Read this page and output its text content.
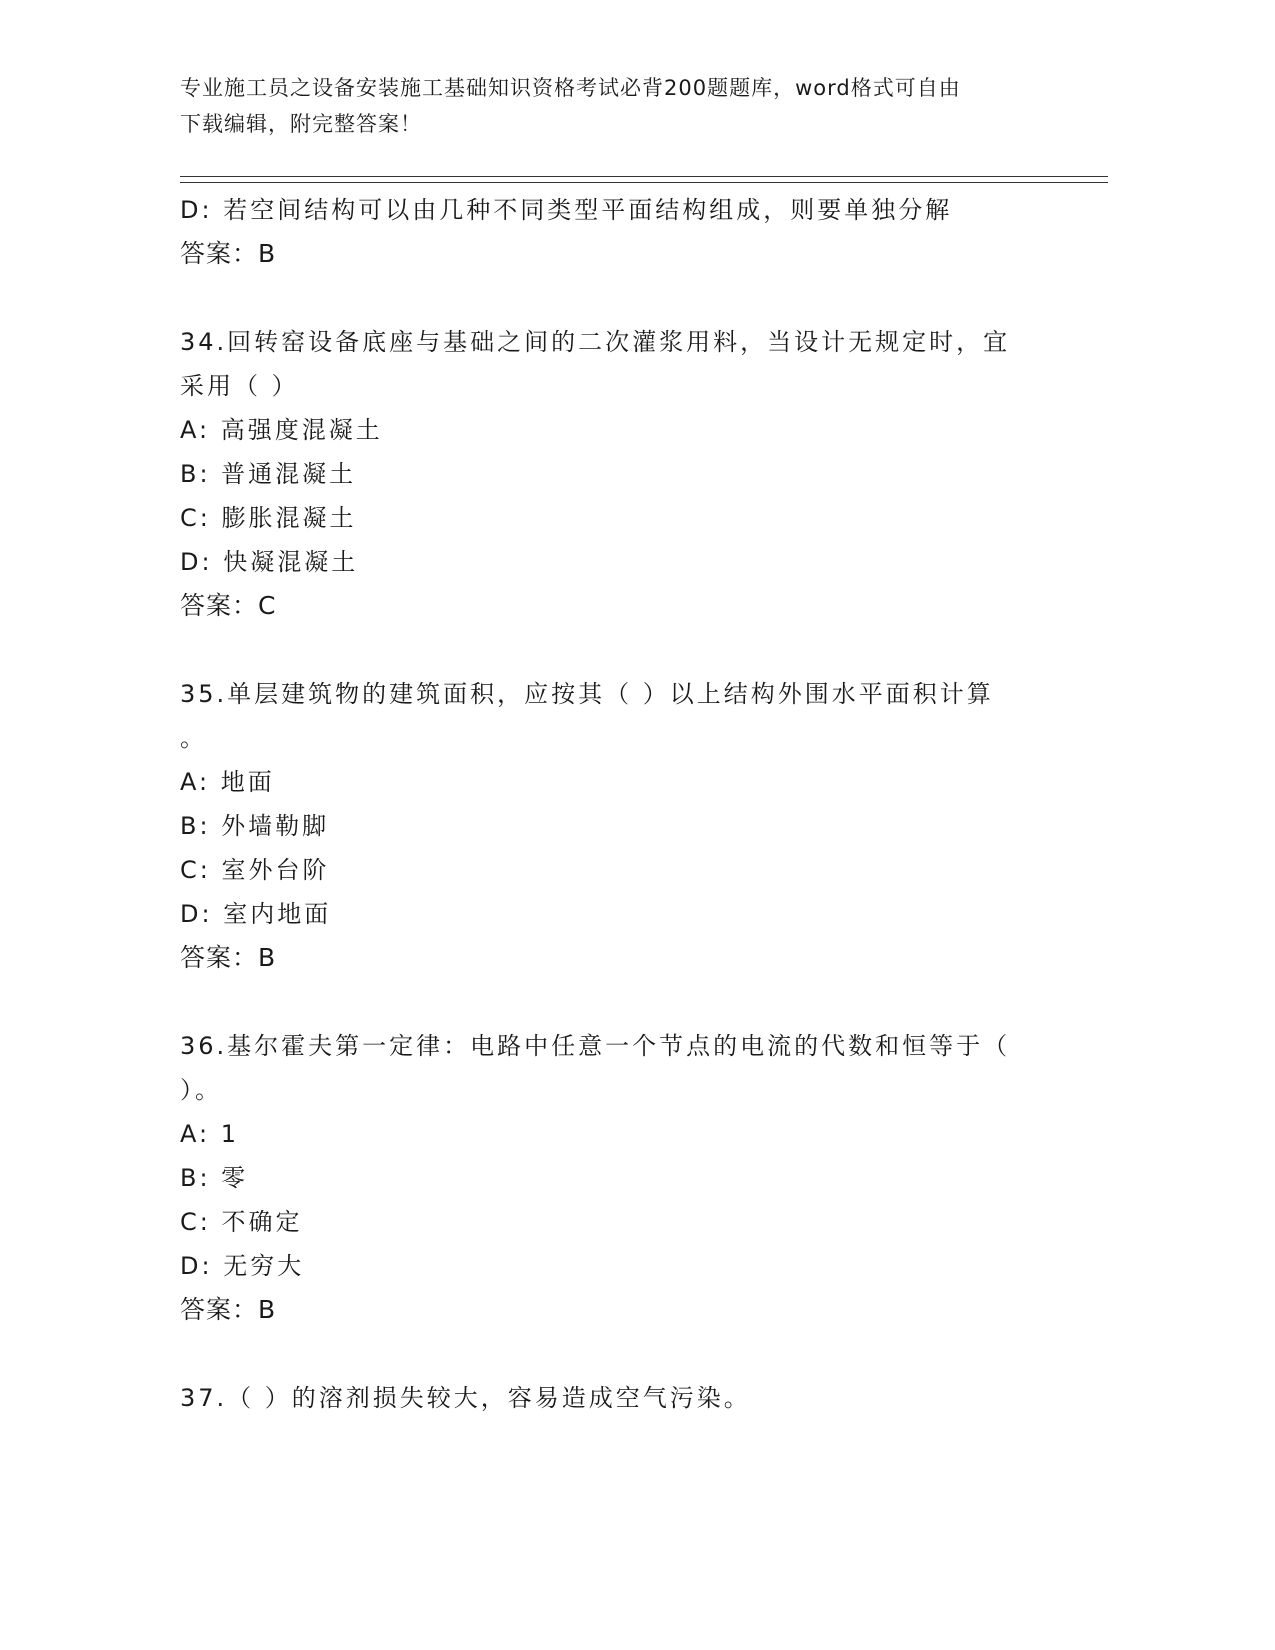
专业施工员之设备安装施工基础知识资格考试必背200题题库，word格式可自由
下载编辑，附完整答案！
D: 若空间结构可以由几种不同类型平面结构组成，则要单独分解
答案：B
34.回转窑设备底座与基础之间的二次灌浆用料，当设计无规定时，宜
采用（ ）
A: 高强度混凝土
B: 普通混凝土
C: 膨胀混凝土
D: 快凝混凝土
答案：C
35.单层建筑物的建筑面积，应按其（ ）以上结构外围水平面积计算
。
A: 地面
B: 外墙勒脚
C: 室外台阶
D: 室内地面
答案：B
36.基尔霍夫第一定律：电路中任意一个节点的电流的代数和恒等于（
）。
A: 1
B: 零
C: 不确定
D: 无穷大
答案：B
37.（ ）的溶剂损失较大，容易造成空气污染。
